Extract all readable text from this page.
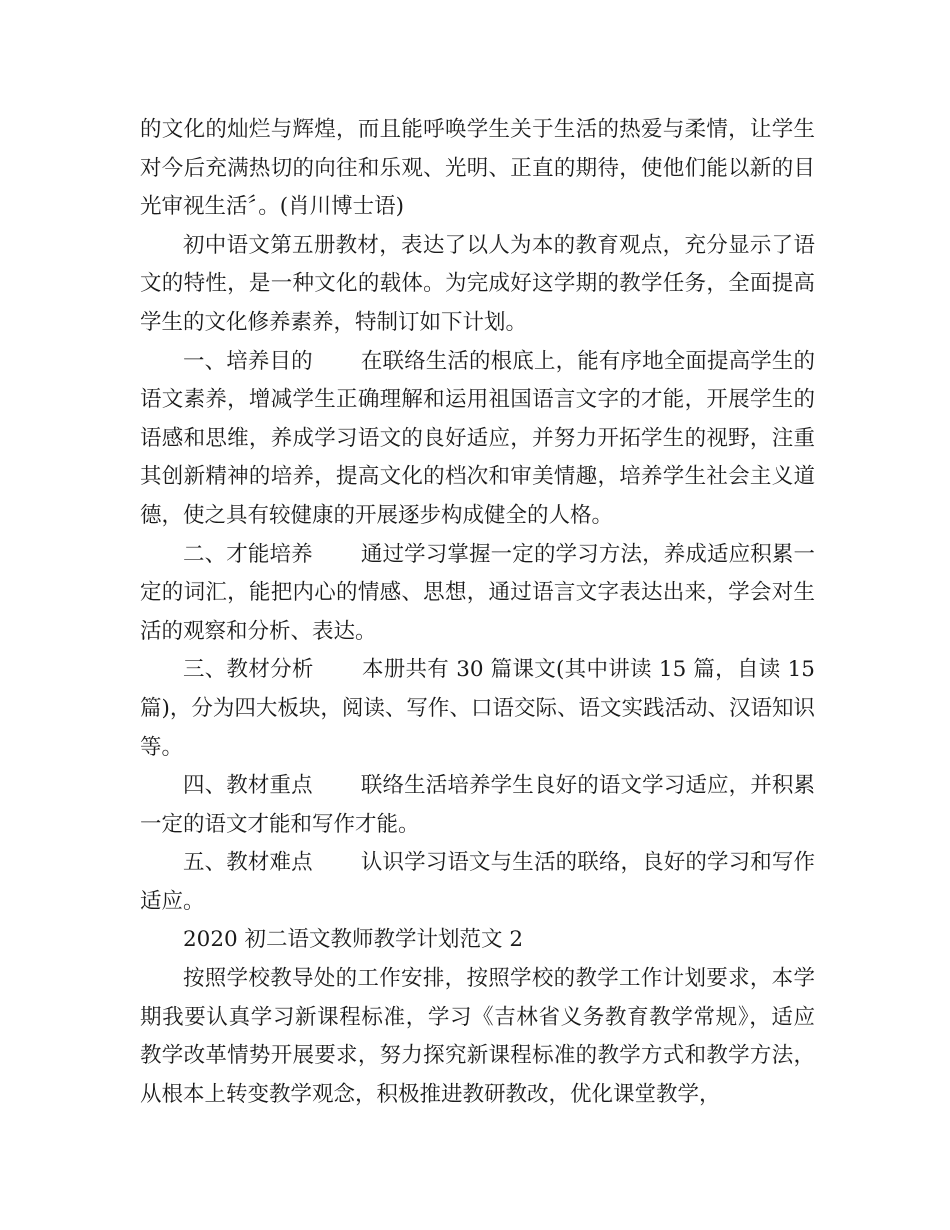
的文化的灿烂与辉煌，而且能呼唤学生关于生活的热爱与柔情，让学生对今后充满热切的向往和乐观、光明、正直的期待，使他们能以新的目光审视生活〞。(肖川博士语)

初中语文第五册教材，表达了以人为本的教育观点，充分显示了语文的特性，是一种文化的载体。为完成好这学期的教学任务，全面提高学生的文化修养素养，特制订如下计划。

一、培养目的 在联络生活的根底上，能有序地全面提高学生的语文素养，增减学生正确理解和运用祖国语言文字的才能，开展学生的语感和思维，养成学习语文的良好适应，并努力开拓学生的视野，注重其创新精神的培养，提高文化的档次和审美情趣，培养学生社会主义道德，使之具有较健康的开展逐步构成健全的人格。

二、才能培养 通过学习掌握一定的学习方法，养成适应积累一定的词汇，能把内心的情感、思想，通过语言文字表达出来，学会对生活的观察和分析、表达。

三、教材分析 本册共有 30 篇课文(其中讲读 15 篇，自读 15 篇)，分为四大板块，阅读、写作、口语交际、语文实践活动、汉语知识等。

四、教材重点 联络生活培养学生良好的语文学习适应，并积累一定的语文才能和写作才能。

五、教材难点 认识学习语文与生活的联络，良好的学习和写作适应。

2020 初二语文教师教学计划范文 2

按照学校教导处的工作安排，按照学校的教学工作计划要求，本学期我要认真学习新课程标准，学习《吉林省义务教育教学常规》，适应教学改革情势开展要求，努力探究新课程标准的教学方式和教学方法，从根本上转变教学观念，积极推进教研教改，优化课堂教学，
